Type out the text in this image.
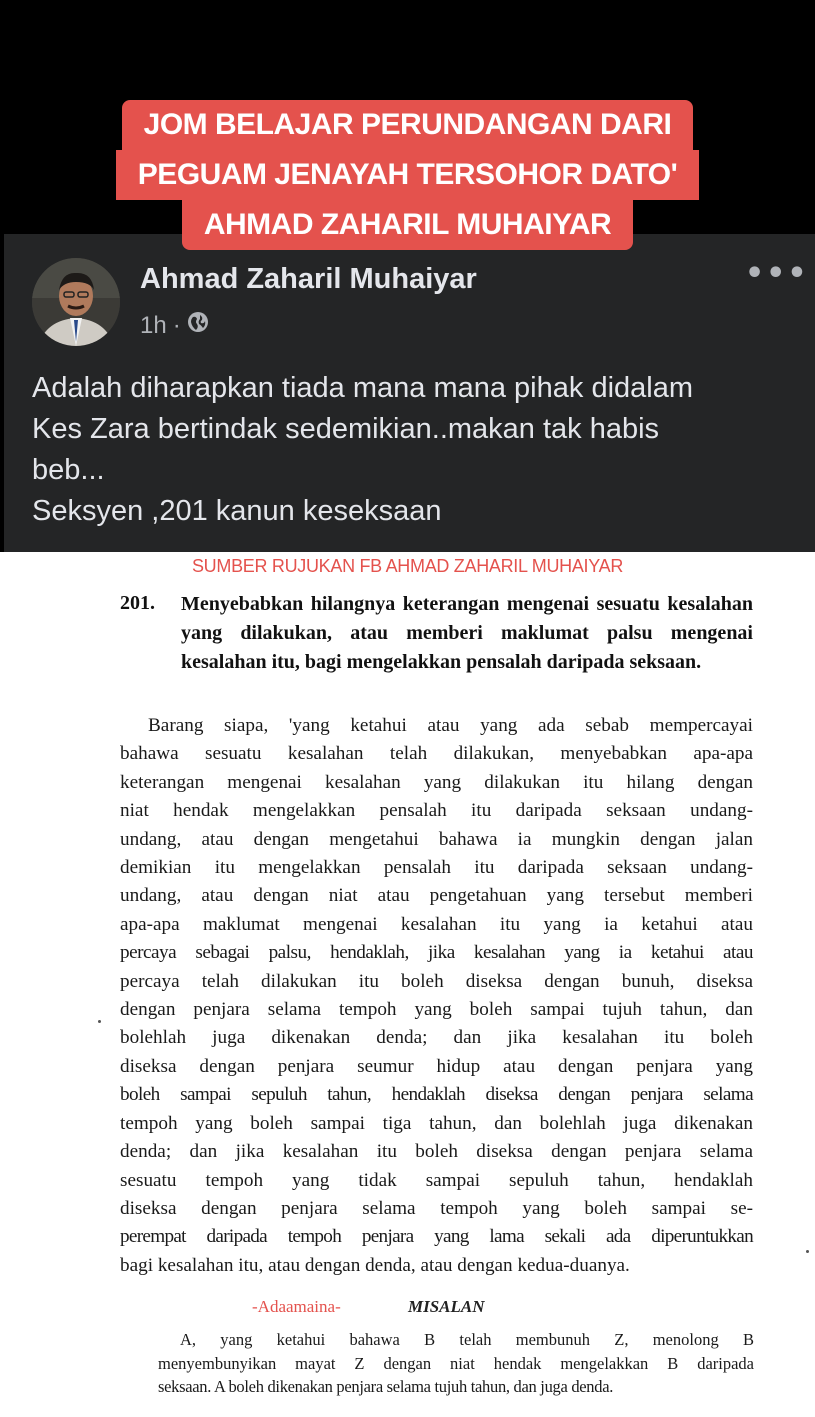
JOM BELAJAR PERUNDANGAN DARI
PEGUAM JENAYAH TERSOHOR DATO'
AHMAD ZAHARIL MUHAIYAR
Ahmad Zaharil Muhaiyar
1h ·
•••
Adalah diharapkan tiada mana mana pihak didalam
Kes Zara bertindak sedemikian..makan tak habis
beb...
Seksyen ,201 kanun keseksaan
SUMBER RUJUKAN FB AHMAD ZAHARIL MUHAIYAR
201. Menyebabkan hilangnya keterangan mengenai sesuatu kesalahan yang dilakukan, atau memberi maklumat palsu mengenai kesalahan itu, bagi mengelakkan pensalah daripada seksaan.
Barang siapa, 'yang ketahui atau yang ada sebab mempercayai
bahawa sesuatu kesalahan telah dilakukan, menyebabkan apa-apa
keterangan mengenai kesalahan yang dilakukan itu hilang dengan
niat hendak mengelakkan pensalah itu daripada seksaan undang-
undang, atau dengan mengetahui bahawa ia mungkin dengan jalan
demikian itu mengelakkan pensalah itu daripada seksaan undang-
undang, atau dengan niat atau pengetahuan yang tersebut memberi
apa-apa maklumat mengenai kesalahan itu yang ia ketahui atau
percaya sebagai palsu, hendaklah, jika kesalahan yang ia ketahui atau
percaya telah dilakukan itu boleh diseksa dengan bunuh, diseksa
dengan penjara selama tempoh yang boleh sampai tujuh tahun, dan
bolehlah juga dikenakan denda; dan jika kesalahan itu boleh
diseksa dengan penjara seumur hidup atau dengan penjara yang
boleh sampai sepuluh tahun, hendaklah diseksa dengan penjara selama
tempoh yang boleh sampai tiga tahun, dan bolehlah juga dikenakan
denda; dan jika kesalahan itu boleh diseksa dengan penjara selama
sesuatu tempoh yang tidak sampai sepuluh tahun, hendaklah
diseksa dengan penjara selama tempoh yang boleh sampai se-
perempat daripada tempoh penjara yang lama sekali ada diperuntukkan
bagi kesalahan itu, atau dengan denda, atau dengan kedua-duanya.
-Adaamaina-	MISALAN
A, yang ketahui bahawa B telah membunuh Z, menolong B
menyembunyikan mayat Z dengan niat hendak mengelakkan B daripada
seksaan. A boleh dikenakan penjara selama tujuh tahun, dan juga denda.
